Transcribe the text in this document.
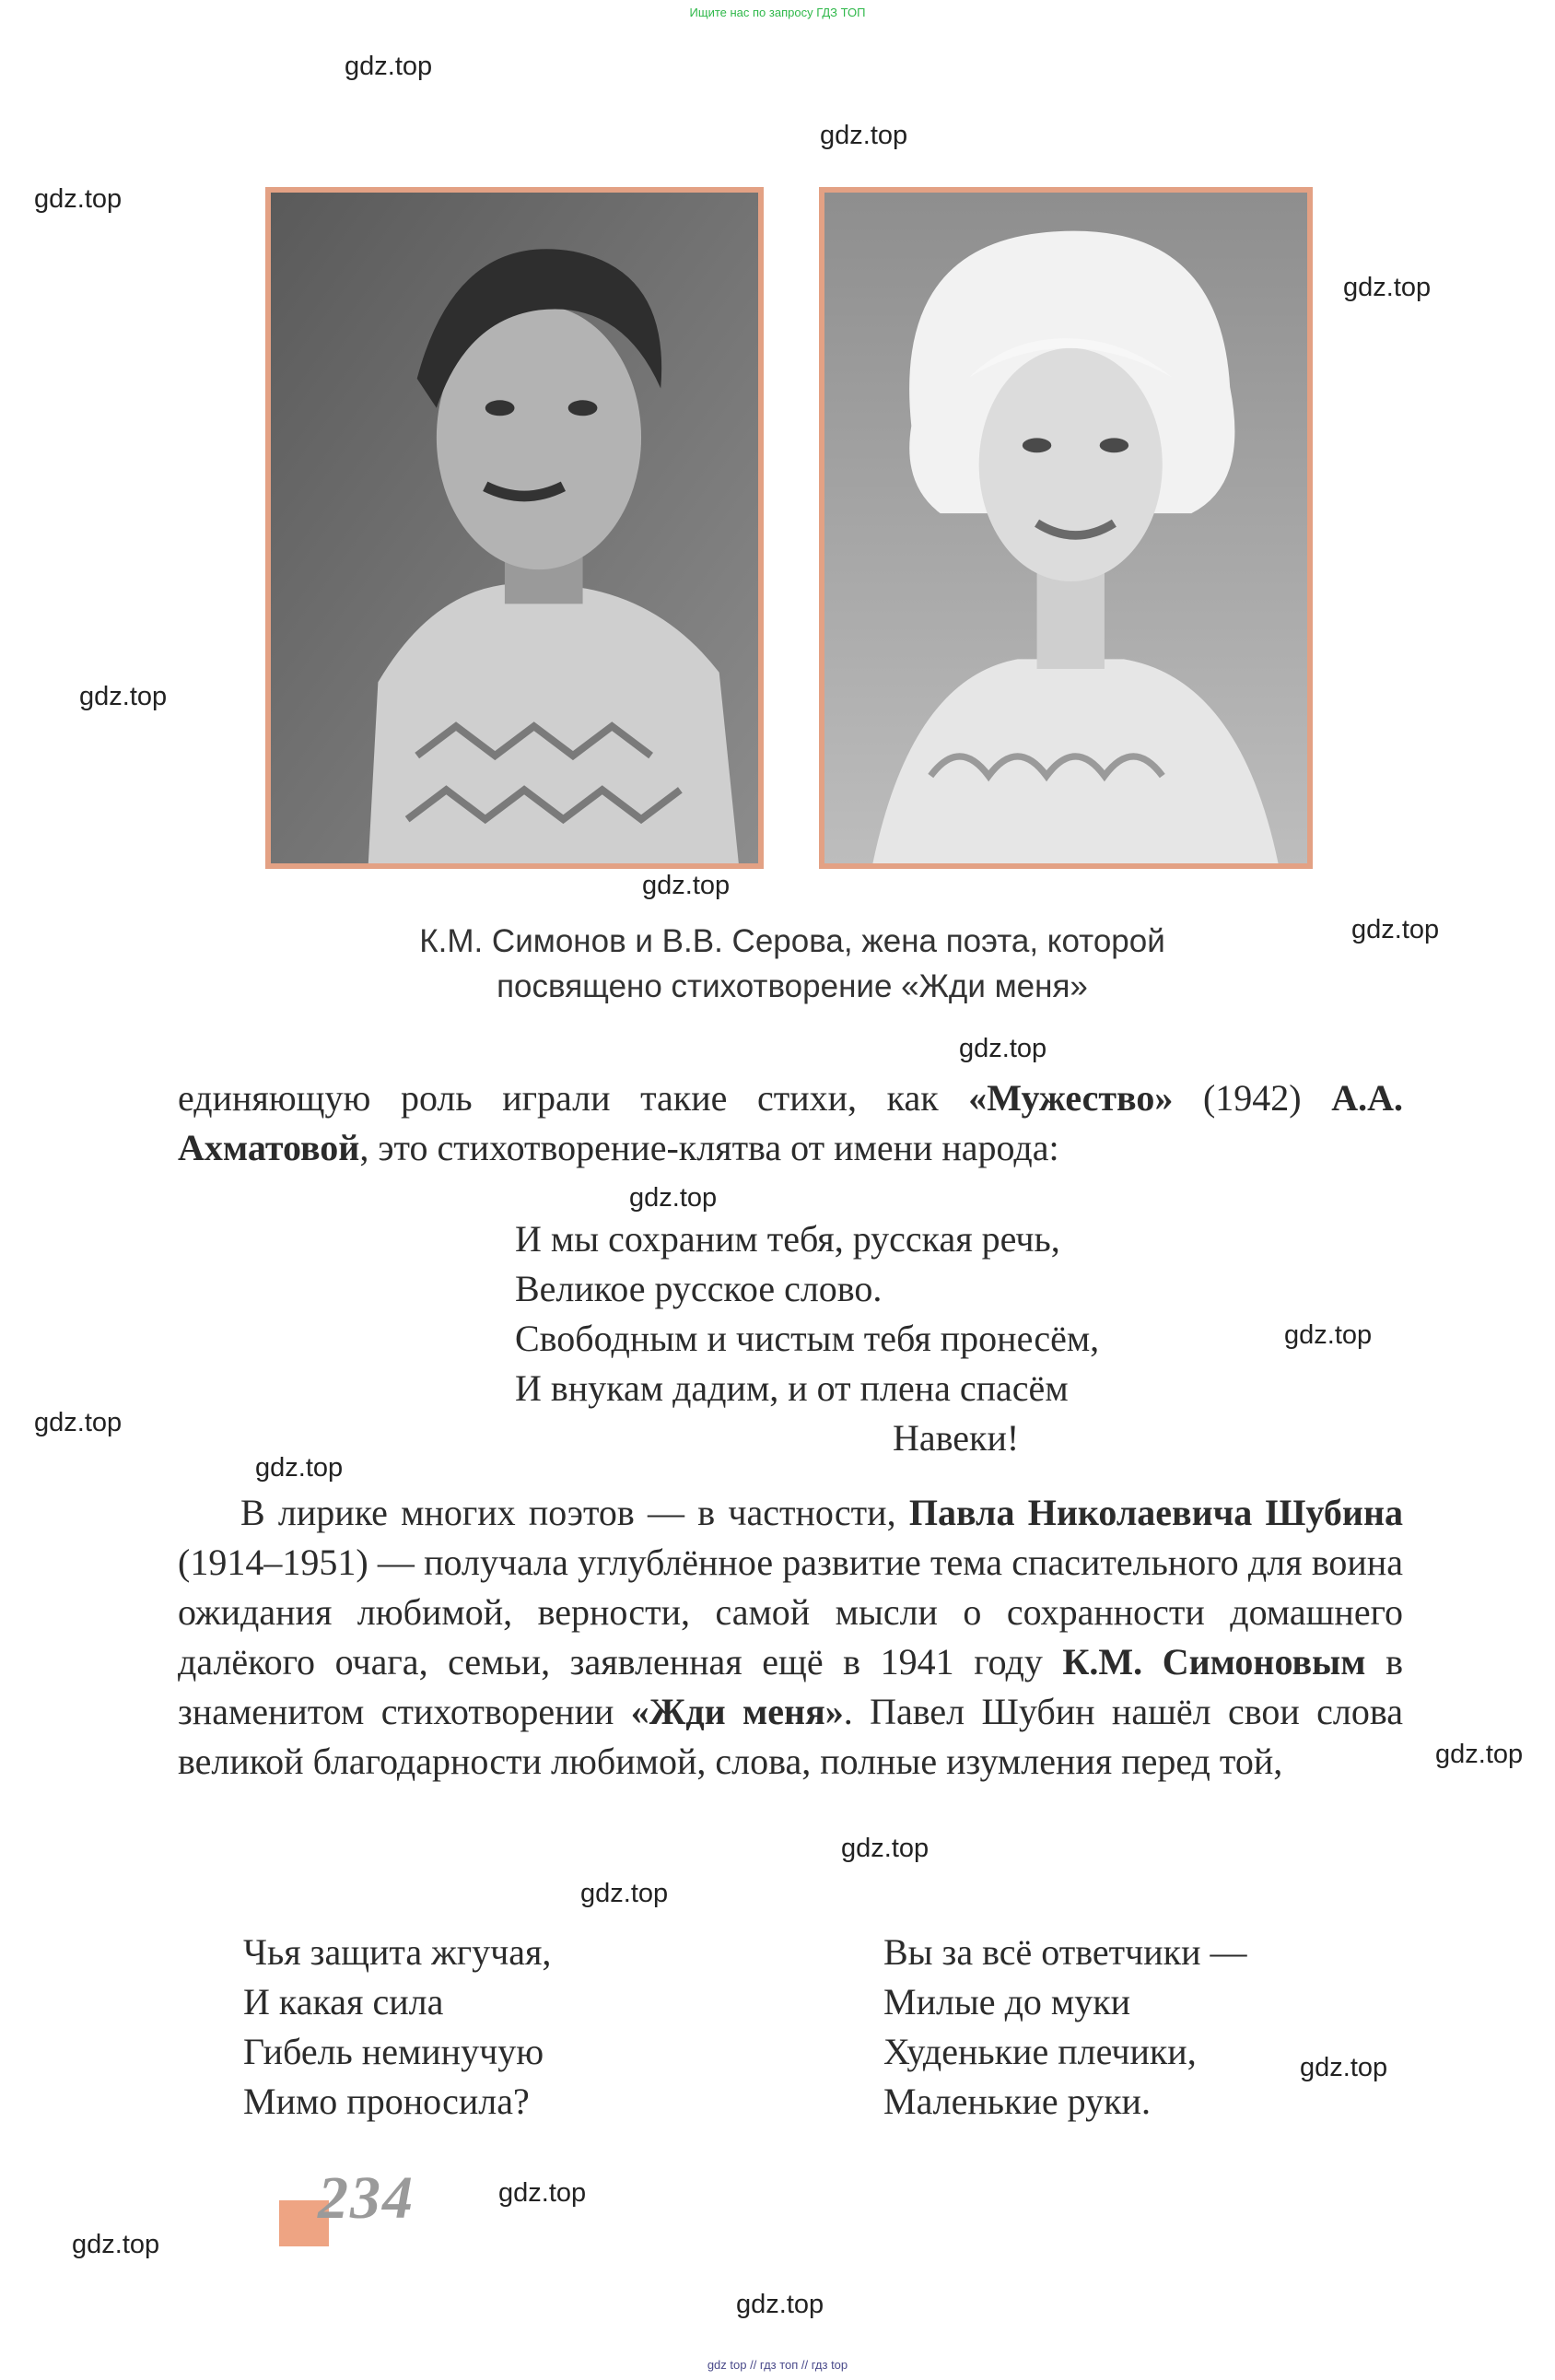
Ищите нас по запросу ГДЗ ТОП
gdz.top
gdz.top
gdz.top
gdz.top
gdz.top
gdz.top
gdz.top
gdz.top
gdz.top
gdz.top
gdz.top
gdz.top
gdz.top
gdz.top
gdz.top
gdz.top
gdz.top
gdz.top
gdz.top
К.М. Симонов и В.В. Серова, жена поэта, которой
посвящено стихотворение «Жди меня»
единяющую роль играли такие стихи, как «Мужество» (1942) А.А. Ахматовой, это стихотворение-клятва от имени народа:
И мы сохраним тебя, русская речь,
Великое русское слово.
Свободным и чистым тебя пронесём,
И внукам дадим, и от плена спасём
Навеки!
В лирике многих поэтов — в частности, Павла Николаевича Шубина (1914–1951) — получала углублённое развитие тема спасительного для воина ожидания любимой, верности, самой мысли о сохранности домашнего далёкого очага, семьи, заявленная ещё в 1941 году К.М. Симоновым в знаменитом стихотворении «Жди меня». Павел Шубин нашёл свои слова великой благодарности любимой, слова, полные изумления перед той,
Чья защита жгучая,
И какая сила
Гибель неминучую
Мимо проносила?
Вы за всё ответчики —
Милые до муки
Худенькие плечики,
Маленькие руки.
234
gdz top // гдз топ // гдз top
